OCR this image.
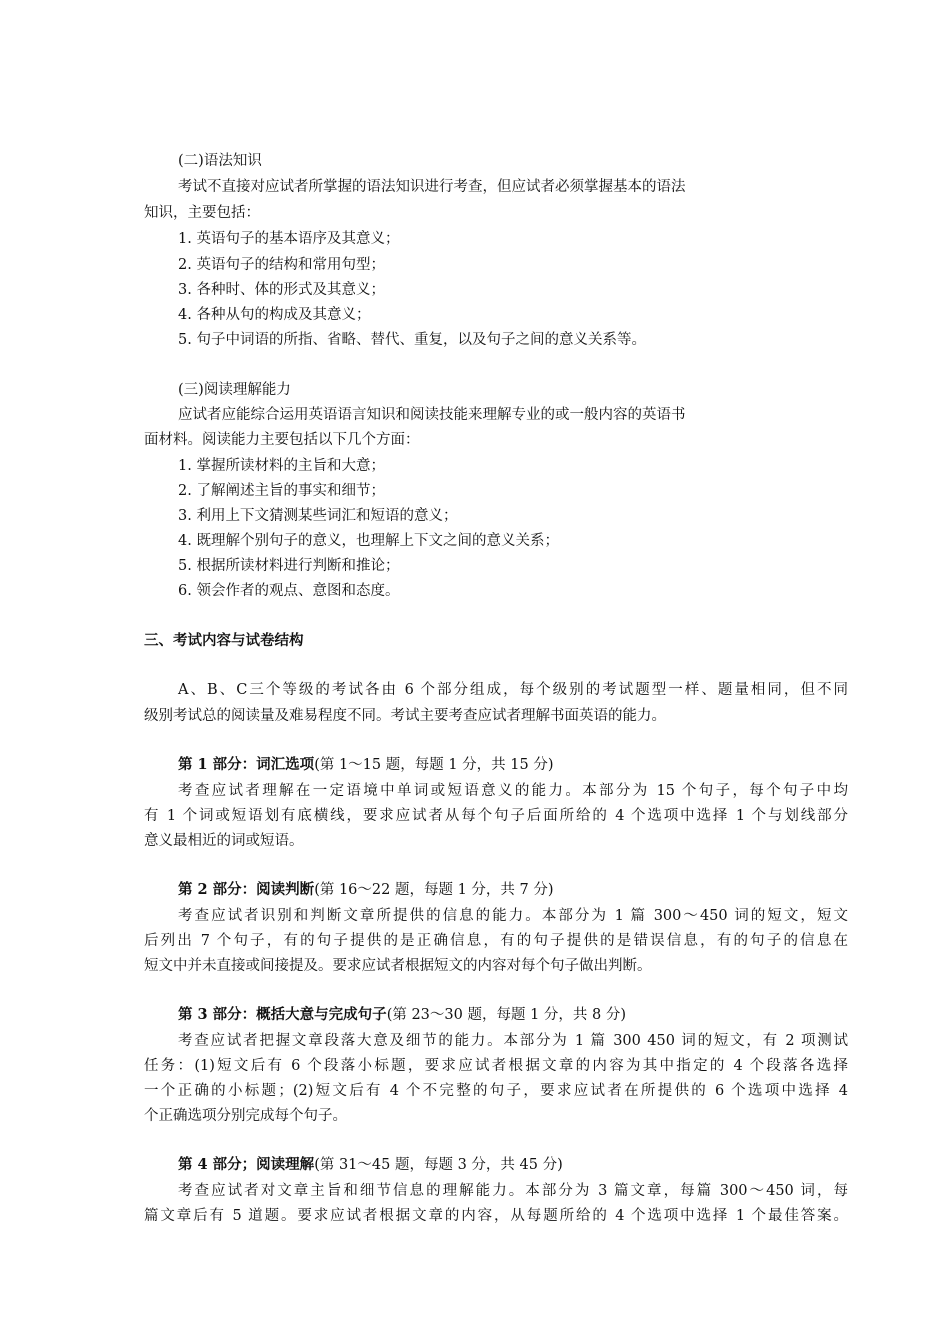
(二)语法知识

考试不直接对应试者所掌握的语法知识进行考查，但应试者必须掌握基本的语法

知识，主要包括：

1. 英语句子的基本语序及其意义；

2. 英语句子的结构和常用句型；

3. 各种时、体的形式及其意义；

4. 各种从句的构成及其意义；

5. 句子中词语的所指、省略、替代、重复，以及句子之间的意义关系等。

(三)阅读理解能力

应试者应能综合运用英语语言知识和阅读技能来理解专业的或一般内容的英语书

面材料。阅读能力主要包括以下几个方面：

1. 掌握所读材料的主旨和大意；

2. 了解阐述主旨的事实和细节；

3. 利用上下文猜测某些词汇和短语的意义；

4. 既理解个别句子的意义，也理解上下文之间的意义关系；

5. 根据所读材料进行判断和推论；

6. 领会作者的观点、意图和态度。

三、考试内容与试卷结构

A、B、C三个等级的考试各由 6 个部分组成，每个级别的考试题型一样、题量相同，但不同

级别考试总的阅读量及难易程度不同。考试主要考查应试者理解书面英语的能力。

第 1 部分：词汇选项(第 1～15 题，每题 1 分，共 15 分)

考查应试者理解在一定语境中单词或短语意义的能力。本部分为 15 个句子，每个句子中均

有 1 个词或短语划有底横线，要求应试者从每个句子后面所给的 4 个选项中选择 1 个与划线部分

意义最相近的词或短语。

第 2 部分：阅读判断(第 16～22 题，每题 1 分，共 7 分)

考查应试者识别和判断文章所提供的信息的能力。本部分为 1 篇 300～450 词的短文，短文

后列出 7 个句子，有的句子提供的是正确信息，有的句子提供的是错误信息，有的句子的信息在

短文中并未直接或间接提及。要求应试者根据短文的内容对每个句子做出判断。

第 3 部分：概括大意与完成句子(第 23～30 题，每题 1 分，共 8 分)

考查应试者把握文章段落大意及细节的能力。本部分为 1 篇 300 450 词的短文，有 2 项测试

任务：(1)短文后有 6 个段落小标题，要求应试者根据文章的内容为其中指定的 4 个段落各选择

一个正确的小标题；(2)短文后有 4 个不完整的句子，要求应试者在所提供的 6 个选项中选择 4

个正确选项分别完成每个句子。

第 4 部分；阅读理解(第 31～45 题，每题 3 分，共 45 分)

考查应试者对文章主旨和细节信息的理解能力。本部分为 3 篇文章，每篇 300～450 词，每

篇文章后有 5 道题。要求应试者根据文章的内容，从每题所给的 4 个选项中选择 1 个最佳答案。
